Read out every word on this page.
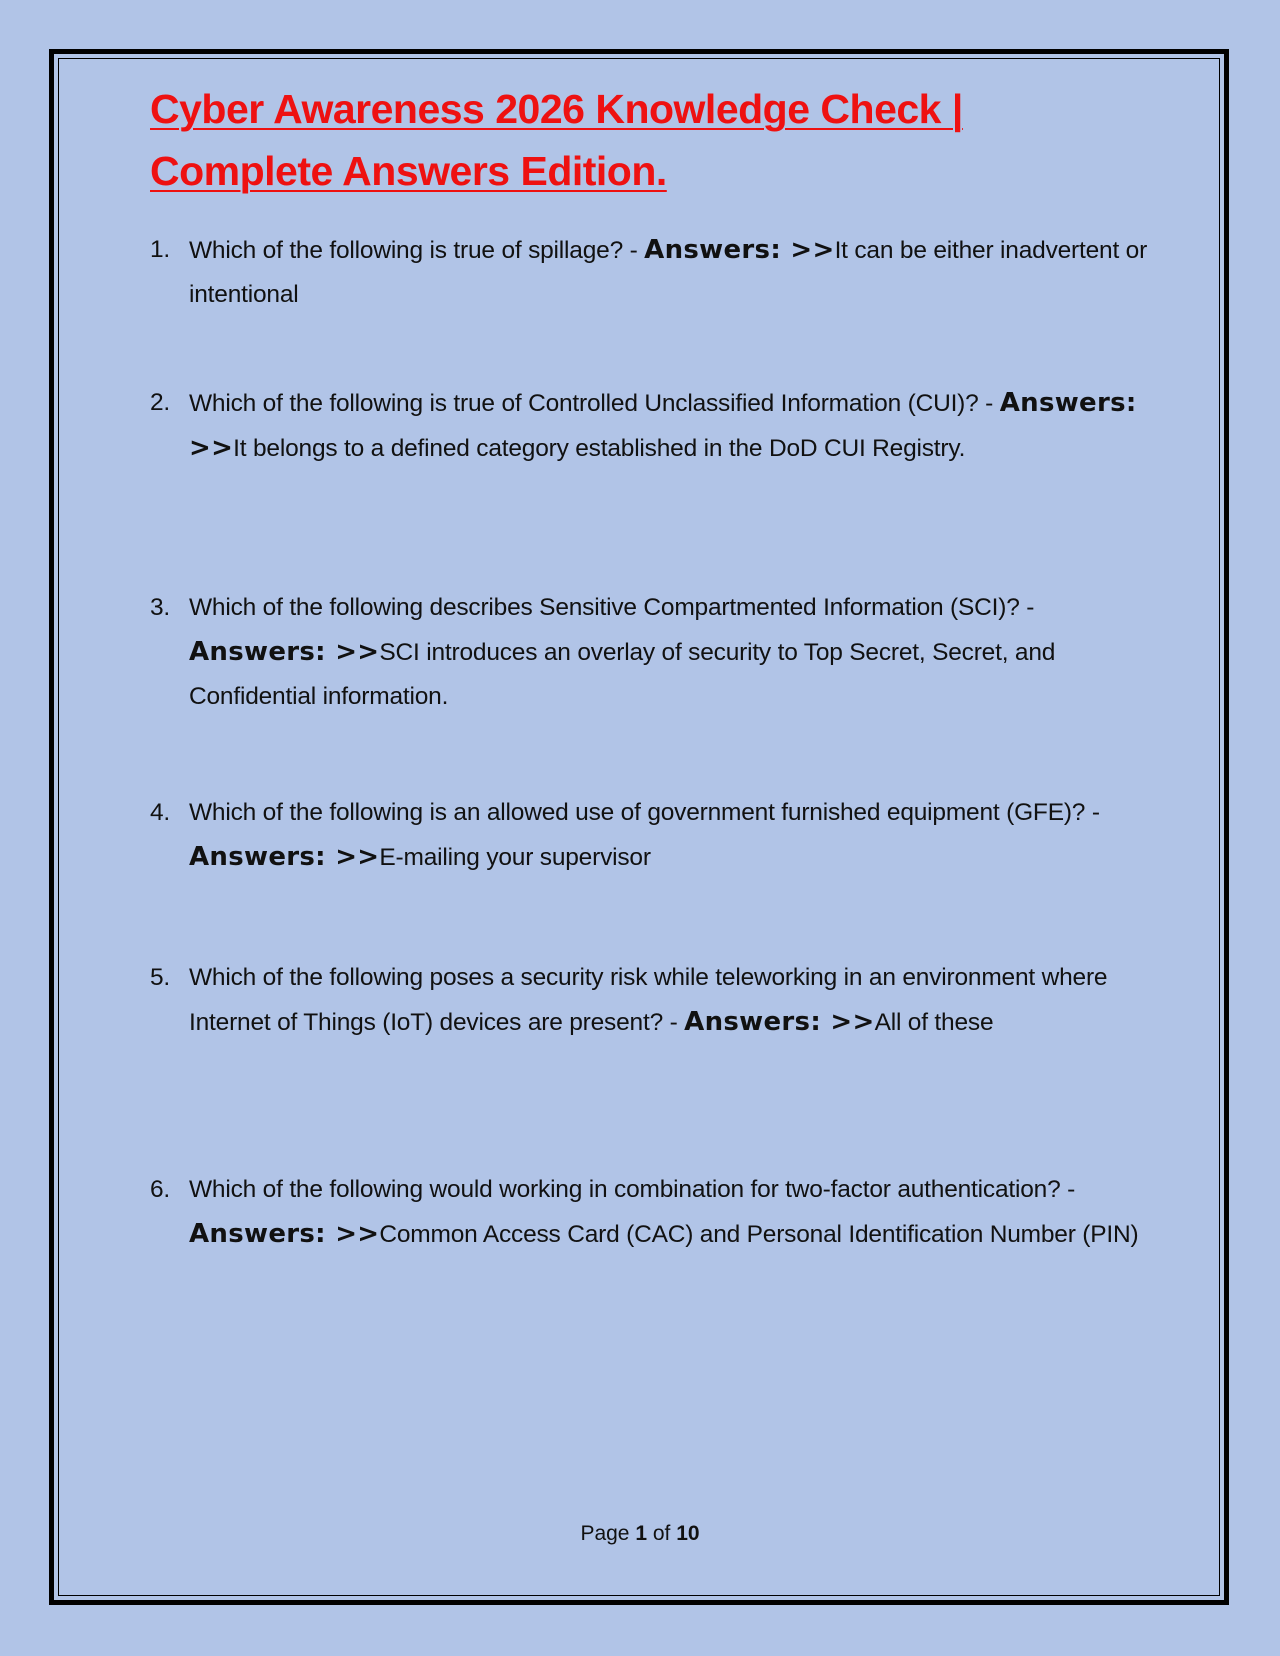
Cyber Awareness 2026 Knowledge Check |
Complete Answers Edition.
1. Which of the following is true of spillage? - Answers: >>It can be either inadvertent or intentional
2. Which of the following is true of Controlled Unclassified Information (CUI)? - Answers: >>It belongs to a defined category established in the DoD CUI Registry.
3. Which of the following describes Sensitive Compartmented Information (SCI)? - Answers: >>SCI introduces an overlay of security to Top Secret, Secret, and Confidential information.
4. Which of the following is an allowed use of government furnished equipment (GFE)? - Answers: >>E-mailing your supervisor
5. Which of the following poses a security risk while teleworking in an environment where Internet of Things (IoT) devices are present? - Answers: >>All of these
6. Which of the following would working in combination for two-factor authentication? - Answers: >>Common Access Card (CAC) and Personal Identification Number (PIN)
Page 1 of 10
